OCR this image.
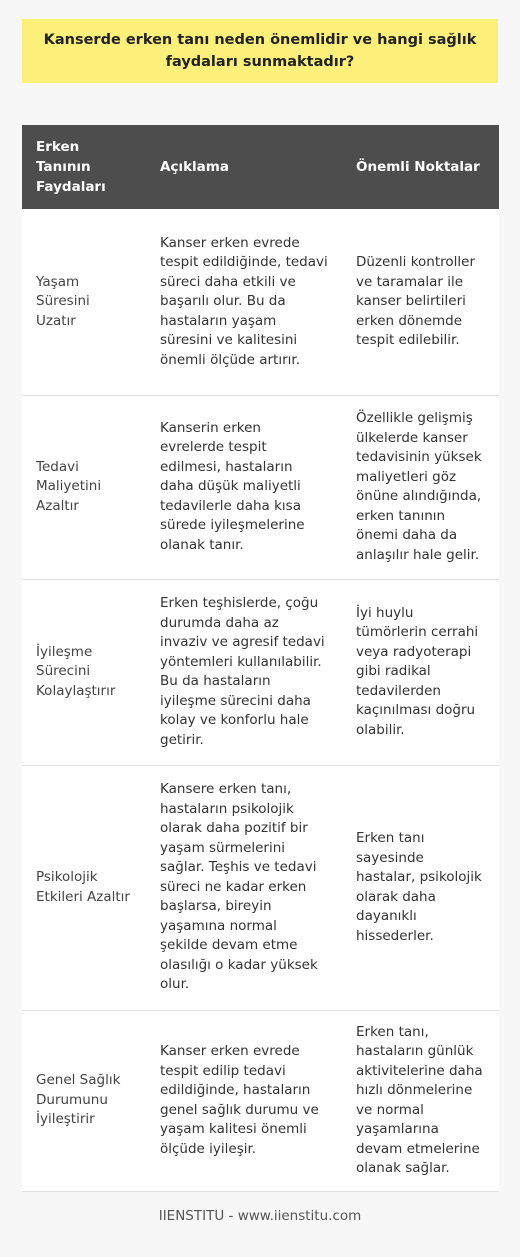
Kanserde erken tanı neden önemlidir ve hangi sağlık faydaları sunmaktadır?
Erken Tanının Faydaları	Açıklama	Önemli Noktalar
Yaşam Süresini Uzatır	Kanser erken evrede tespit edildiğinde, tedavi süreci daha etkili ve başarılı olur. Bu da hastaların yaşam süresini ve kalitesini önemli ölçüde artırır.	Düzenli kontroller ve taramalar ile kanser belirtileri erken dönemde tespit edilebilir.
Tedavi Maliyetini Azaltır	Kanserin erken evrelerde tespit edilmesi, hastaların daha düşük maliyetli tedavilerle daha kısa sürede iyileşmelerine olanak tanır.	Özellikle gelişmiş ülkelerde kanser tedavisinin yüksek maliyetleri göz önüne alındığında, erken tanının önemi daha da anlaşılır hale gelir.
İyileşme Sürecini Kolaylaştırır	Erken teşhislerde, çoğu durumda daha az invaziv ve agresif tedavi yöntemleri kullanılabilir. Bu da hastaların iyileşme sürecini daha kolay ve konforlu hale getirir.	İyi huylu tümörlerin cerrahi veya radyoterapi gibi radikal tedavilerden kaçınılması doğru olabilir.
Psikolojik Etkileri Azaltır	Kansere erken tanı, hastaların psikolojik olarak daha pozitif bir yaşam sürmelerini sağlar. Teşhis ve tedavi süreci ne kadar erken başlarsa, bireyin yaşamına normal şekilde devam etme olasılığı o kadar yüksek olur.	Erken tanı sayesinde hastalar, psikolojik olarak daha dayanıklı hissederler.
Genel Sağlık Durumunu İyileştirir	Kanser erken evrede tespit edilip tedavi edildiğinde, hastaların genel sağlık durumu ve yaşam kalitesi önemli ölçüde iyileşir.	Erken tanı, hastaların günlük aktivitelerine daha hızlı dönmelerine ve normal yaşamlarına devam etmelerine olanak sağlar.
IIENSTITU - www.iienstitu.com
